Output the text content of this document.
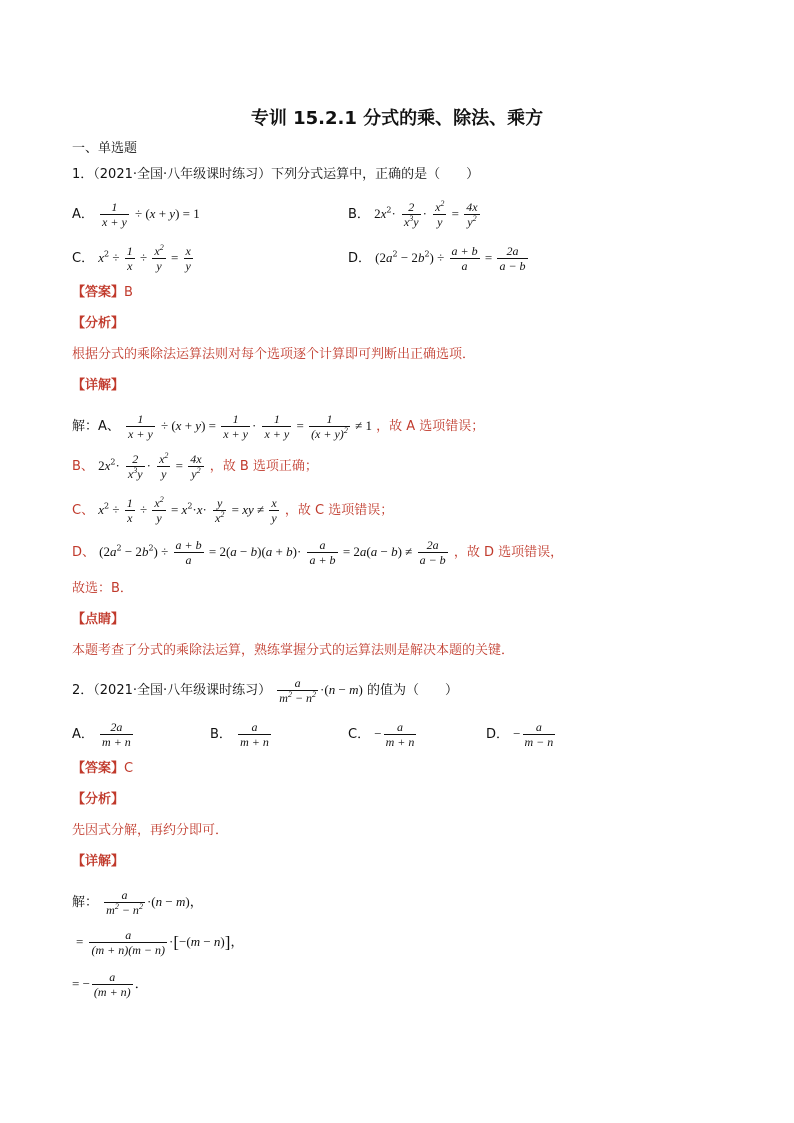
专训 15.2.1 分式的乘、除法、乘方
一、单选题
1．（2021·全国·八年级课时练习）下列分式运算中，正确的是（　　）
A． $\frac{1}{x + y} \div (x + y) = 1$	B． $2x^2\cdot \frac{2}{x^3y} \cdot \frac{x^2}{y} = \frac{4x}{y^2}$
C． $x^2 \div \frac{1}{x} \div \frac{x^2}{y} = \frac{x}{y}$	D． $(2a^2 - 2b^2) \div \frac{a + b}{a} = \frac{2a}{a - b}$
【答案】B
【分析】
根据分式的乘除法运算法则对每个选项逐个计算即可判断出正确选项．
【详解】
解：A、 $\frac{1}{x + y} \div (x + y) = \frac{1}{x + y} \cdot \frac{1}{x + y} = \frac{1}{(x + y)^2} \ne 1$ ，故 A 选项错误；
B、 $2x^2\cdot \frac{2}{x^3y} \cdot \frac{x^2}{y} = \frac{4x}{y^2}$ ，故 B 选项正确；
C、 $x^2 \div \frac{1}{x} \div \frac{x^2}{y} = x^2\cdot x\cdot \frac{y}{x^2}$ = xy ≠ $\frac{x}{y}$ ，故 C 选项错误；
D、 $(2a^2 - 2b^2) \div \frac{a + b}{a} = 2(a - b)(a + b)\cdot \frac{a}{a + b} = 2a(a - b) \ne \frac{2a}{a - b}$ ，故 D 选项错误，
故选：B．
【点睛】
本题考查了分式的乘除法运算，熟练掌握分式的运算法则是解决本题的关键．
2．（2021·全国·八年级课时练习） $\frac{a}{m^2 - n^2} \cdot(n - m)$ 的值为（　　）
A． $\frac{2a}{m + n}$	B． $\frac{a}{m + n}$	C． − $\frac{a}{m + n}$	D． − $\frac{a}{m - n}$
【答案】C
【分析】
先因式分解，再约分即可．
【详解】
解： $\frac{a}{m^2 - n^2} \cdot(n - m)$，
= $\frac{a}{(m + n)(m - n)} \cdot[-(m - n)]$，
= − $\frac{a}{(m + n)}$ ．
